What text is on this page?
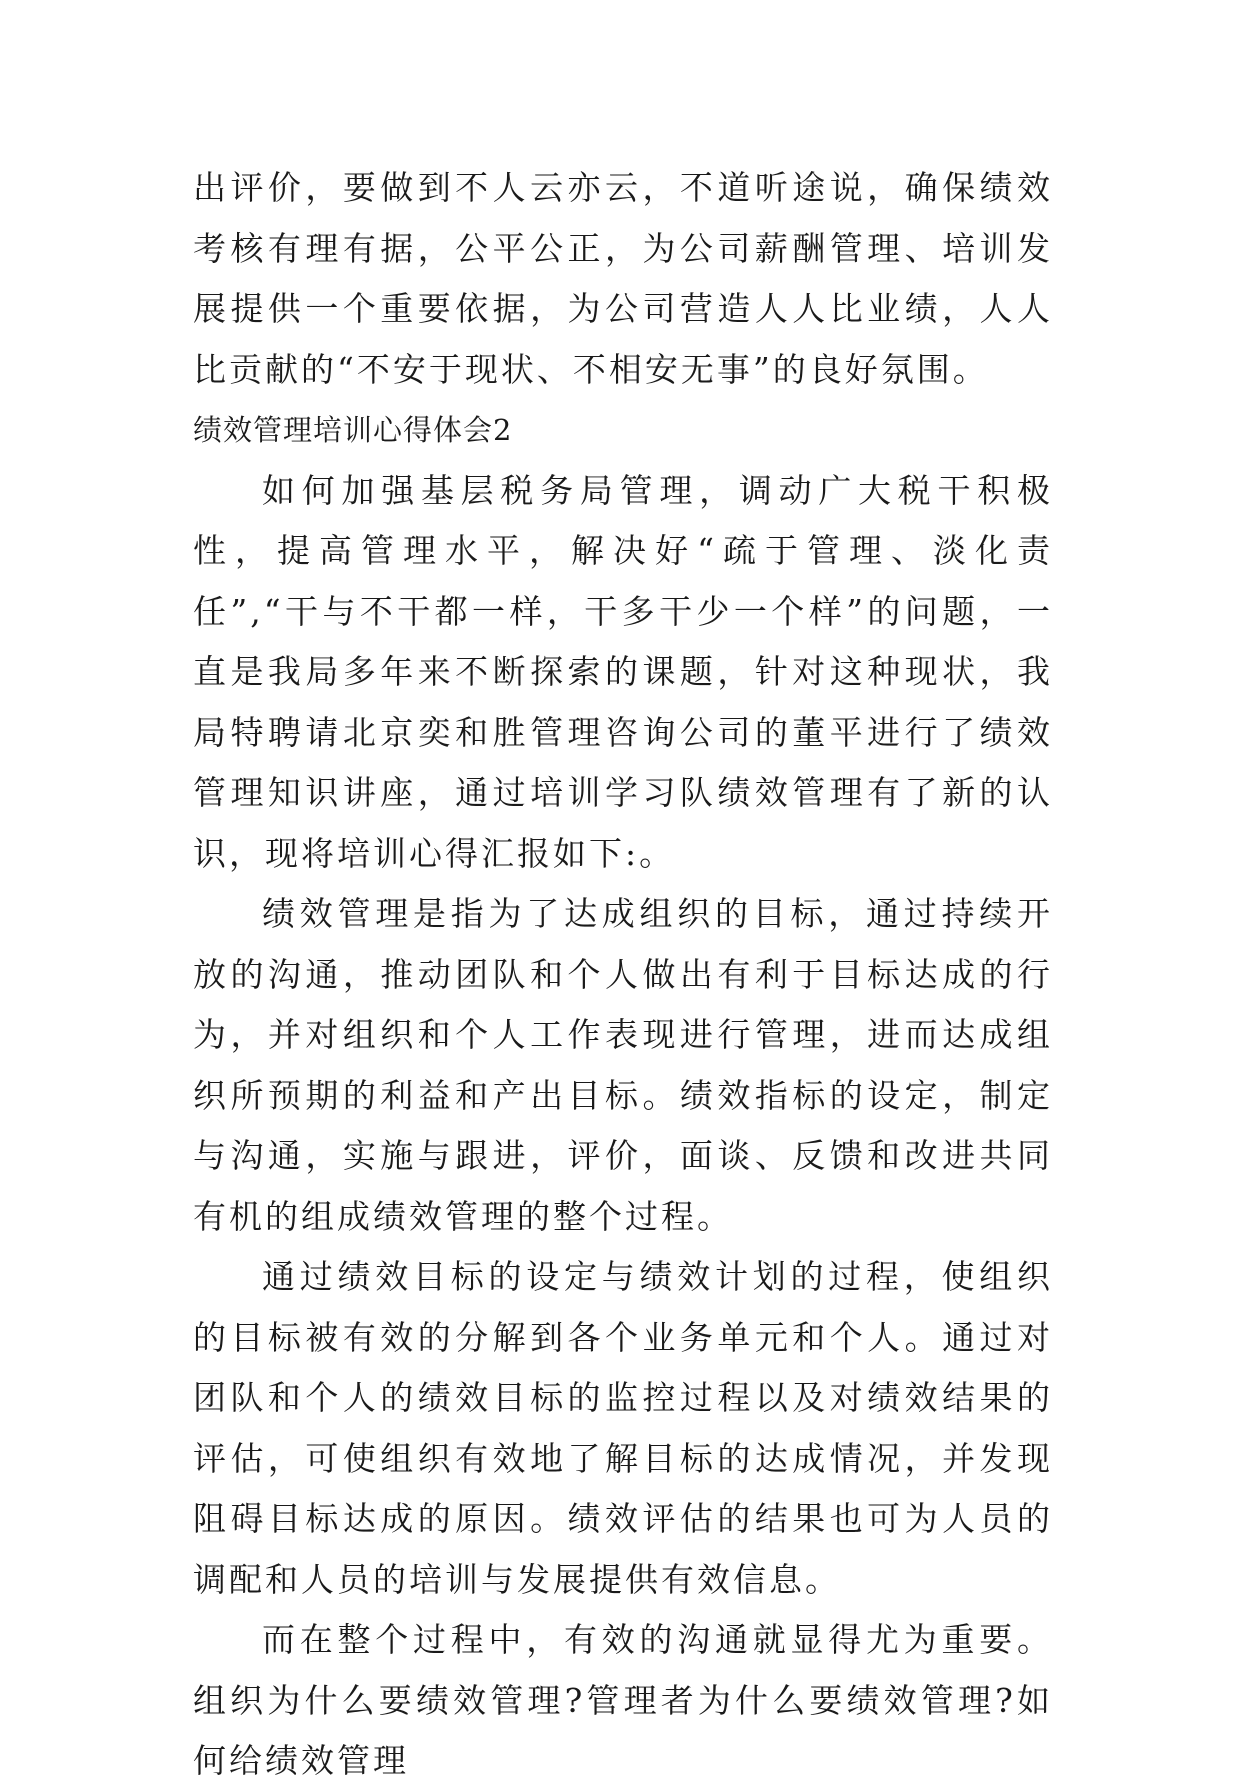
出评价，要做到不人云亦云，不道听途说，确保绩效考核有理有据，公平公正，为公司薪酬管理、培训发展提供一个重要依据，为公司营造人人比业绩，人人比贡献的“不安于现状、不相安无事”的良好氛围。

绩效管理培训心得体会2

如何加强基层税务局管理，调动广大税干积极性，提高管理水平，解决好“疏于管理、淡化责任”,“干与不干都一样，干多干少一个样”的问题，一直是我局多年来不断探索的课题，针对这种现状，我局特聘请北京奕和胜管理咨询公司的董平进行了绩效管理知识讲座，通过培训学习队绩效管理有了新的认识，现将培训心得汇报如下:。

绩效管理是指为了达成组织的目标，通过持续开放的沟通，推动团队和个人做出有利于目标达成的行为，并对组织和个人工作表现进行管理，进而达成组织所预期的利益和产出目标。绩效指标的设定，制定与沟通，实施与跟进，评价，面谈、反馈和改进共同有机的组成绩效管理的整个过程。

通过绩效目标的设定与绩效计划的过程，使组织的目标被有效的分解到各个业务单元和个人。通过对团队和个人的绩效目标的监控过程以及对绩效结果的评估，可使组织有效地了解目标的达成情况，并发现阻碍目标达成的原因。绩效评估的结果也可为人员的调配和人员的培训与发展提供有效信息。

而在整个过程中，有效的沟通就显得尤为重要。组织为什么要绩效管理?管理者为什么要绩效管理?如何给绩效管理
